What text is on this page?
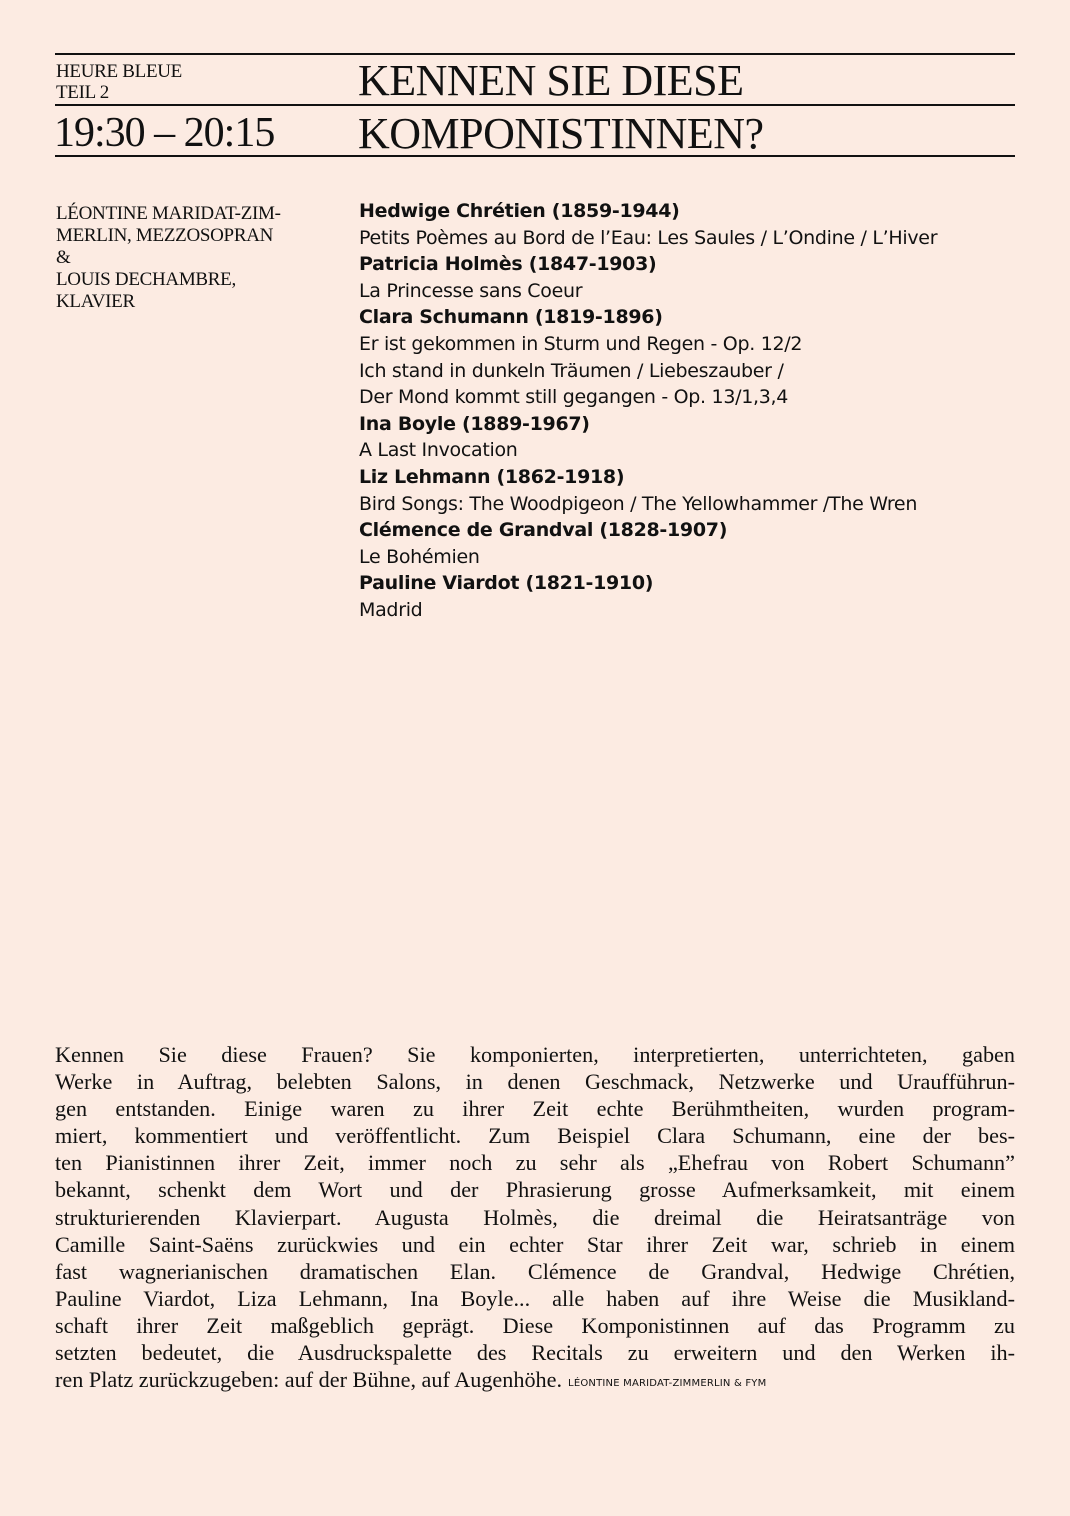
HEURE BLEUE
TEIL 2
19:30 – 20:15
KENNEN SIE DIESE
KOMPONISTINNEN?
LÉONTINE MARIDAT-ZIM-
MERLIN, MEZZOSOPRAN
&
LOUIS DECHAMBRE,
KLAVIER
Hedwige Chrétien (1859-1944)
Petits Poèmes au Bord de l’Eau: Les Saules / L’Ondine / L’Hiver
Patricia Holmès (1847-1903)
La Princesse sans Coeur
Clara Schumann (1819-1896)
Er ist gekommen in Sturm und Regen - Op. 12/2
Ich stand in dunkeln Träumen / Liebeszauber /
Der Mond kommt still gegangen - Op. 13/1,3,4
Ina Boyle (1889-1967)
A Last Invocation
Liz Lehmann (1862-1918)
Bird Songs: The Woodpigeon / The Yellowhammer /The Wren
Clémence de Grandval (1828-1907)
Le Bohémien
Pauline Viardot (1821-1910)
Madrid
Kennen Sie diese Frauen? Sie komponierten, interpretierten, unterrichteten, gaben
Werke in Auftrag, belebten Salons, in denen Geschmack, Netzwerke und Uraufführun-
gen entstanden. Einige waren zu ihrer Zeit echte Berühmtheiten, wurden program-
miert, kommentiert und veröffentlicht. Zum Beispiel Clara Schumann, eine der bes-
ten Pianistinnen ihrer Zeit, immer noch zu sehr als „Ehefrau von Robert Schumann”
bekannt, schenkt dem Wort und der Phrasierung grosse Aufmerksamkeit, mit einem
strukturierenden Klavierpart. Augusta Holmès, die dreimal die Heiratsanträge von
Camille Saint-Saëns zurückwies und ein echter Star ihrer Zeit war, schrieb in einem
fast wagnerianischen dramatischen Elan. Clémence de Grandval, Hedwige Chrétien,
Pauline Viardot, Liza Lehmann, Ina Boyle... alle haben auf ihre Weise die Musikland-
schaft ihrer Zeit maßgeblich geprägt. Diese Komponistinnen auf das Programm zu
setzten bedeutet, die Ausdruckspalette des Recitals zu erweitern und den Werken ih-
ren Platz zurückzugeben: auf der Bühne, auf Augenhöhe. LÉONTINE MARIDAT-ZIMMERLIN & FYM
